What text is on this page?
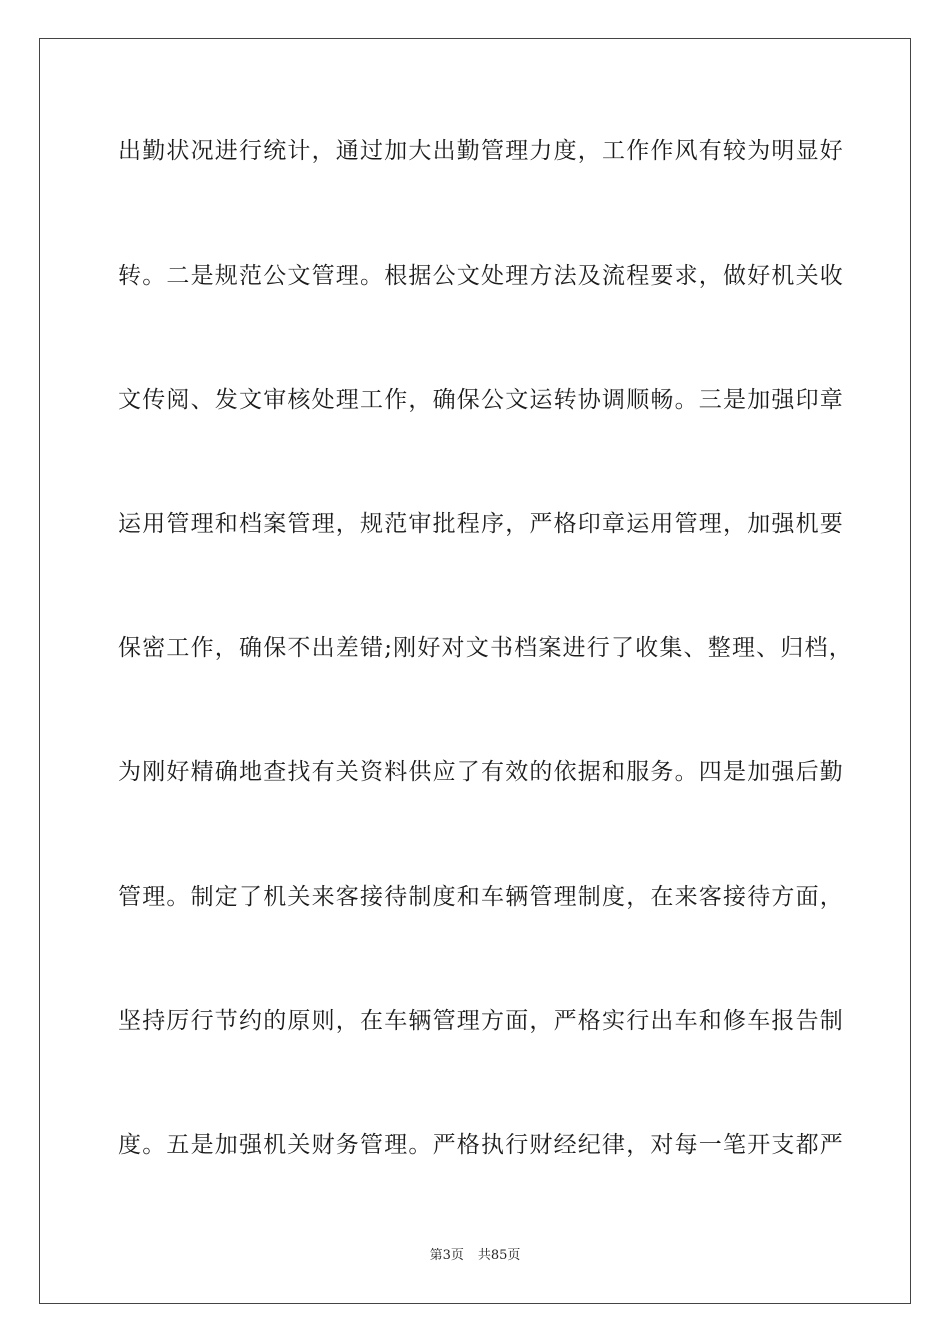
出勤状况进行统计，通过加大出勤管理力度，工作作风有较为明显好
转。二是规范公文管理。根据公文处理方法及流程要求，做好机关收
文传阅、发文审核处理工作，确保公文运转协调顺畅。三是加强印章
运用管理和档案管理，规范审批程序，严格印章运用管理，加强机要
保密工作，确保不出差错;刚好对文书档案进行了收集、整理、归档，
为刚好精确地查找有关资料供应了有效的依据和服务。四是加强后勤
管理。制定了机关来客接待制度和车辆管理制度，在来客接待方面，
坚持厉行节约的原则，在车辆管理方面，严格实行出车和修车报告制
度。五是加强机关财务管理。严格执行财经纪律，对每一笔开支都严
第3页 共85页
